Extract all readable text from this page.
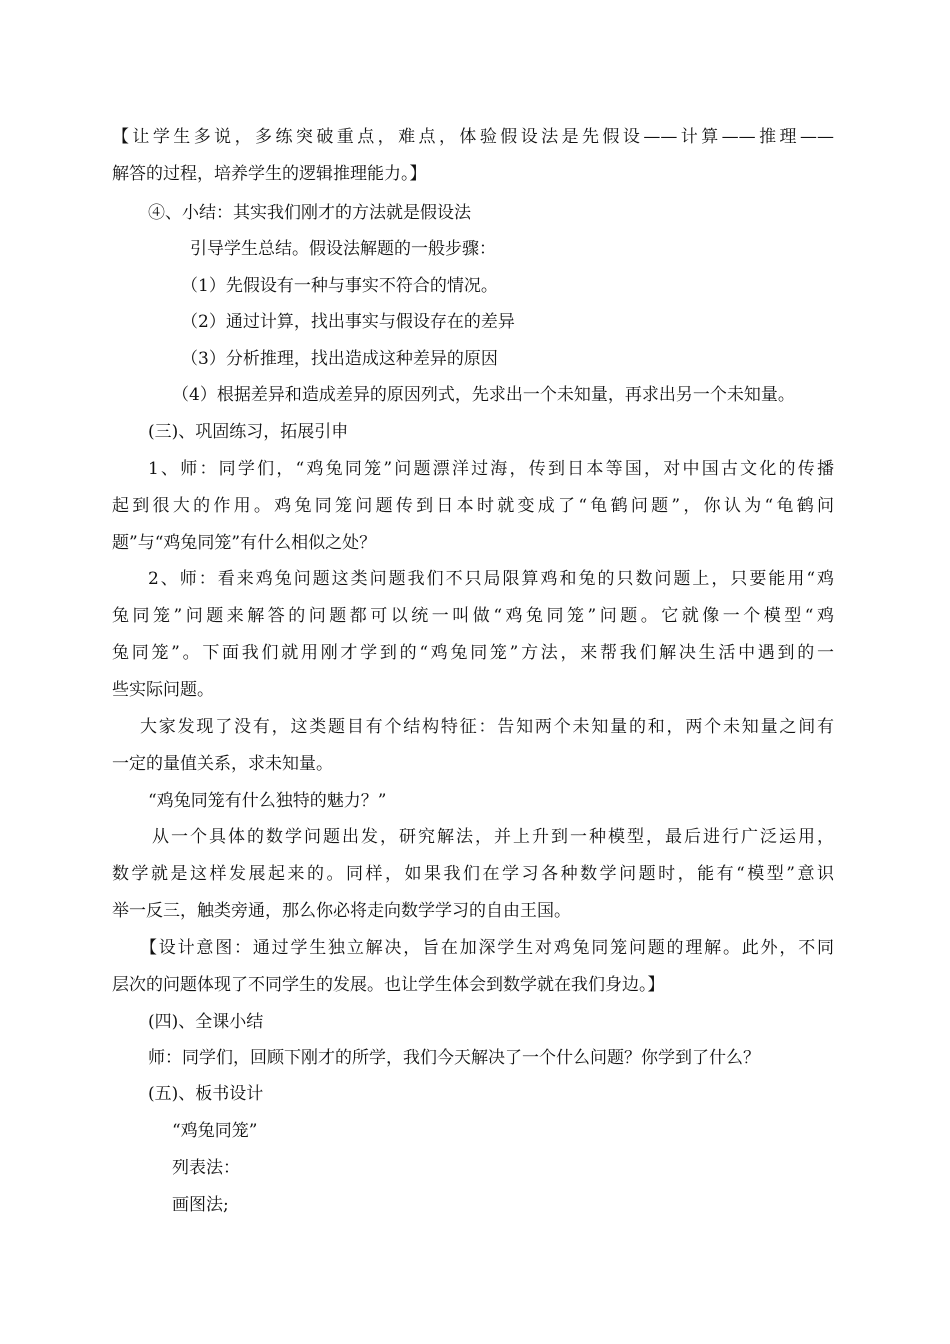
【让学生多说，多练突破重点，难点，体验假设法是先假设——计算——推理——
解答的过程，培养学生的逻辑推理能力。】
④、小结：其实我们刚才的方法就是假设法
引导学生总结。假设法解题的一般步骤：
（1）先假设有一种与事实不符合的情况。
（2）通过计算，找出事实与假设存在的差异
（3）分析推理，找出造成这种差异的原因
（4）根据差异和造成差异的原因列式，先求出一个未知量，再求出另一个未知量。
(三)、巩固练习，拓展引申
1、师：同学们，“鸡兔同笼”问题漂洋过海，传到日本等国，对中国古文化的传播
起到很大的作用。鸡兔同笼问题传到日本时就变成了“龟鹤问题”，你认为“龟鹤问
题”与“鸡兔同笼”有什么相似之处？
2、师：看来鸡兔问题这类问题我们不只局限算鸡和兔的只数问题上，只要能用“鸡
兔同笼”问题来解答的问题都可以统一叫做“鸡兔同笼”问题。它就像一个模型“鸡
兔同笼”。下面我们就用刚才学到的“鸡兔同笼”方法，来帮我们解决生活中遇到的一
些实际问题。
大家发现了没有，这类题目有个结构特征：告知两个未知量的和，两个未知量之间有
一定的量值关系，求未知量。
“鸡兔同笼有什么独特的魅力？”
从一个具体的数学问题出发，研究解法，并上升到一种模型，最后进行广泛运用，
数学就是这样发展起来的。同样，如果我们在学习各种数学问题时，能有“模型”意识
举一反三，触类旁通，那么你必将走向数学学习的自由王国。
【设计意图：通过学生独立解决，旨在加深学生对鸡兔同笼问题的理解。此外，不同
层次的问题体现了不同学生的发展。也让学生体会到数学就在我们身边。】
(四)、全课小结
师：同学们，回顾下刚才的所学，我们今天解决了一个什么问题？你学到了什么？
(五)、板书设计
“鸡兔同笼”
列表法：
画图法;
